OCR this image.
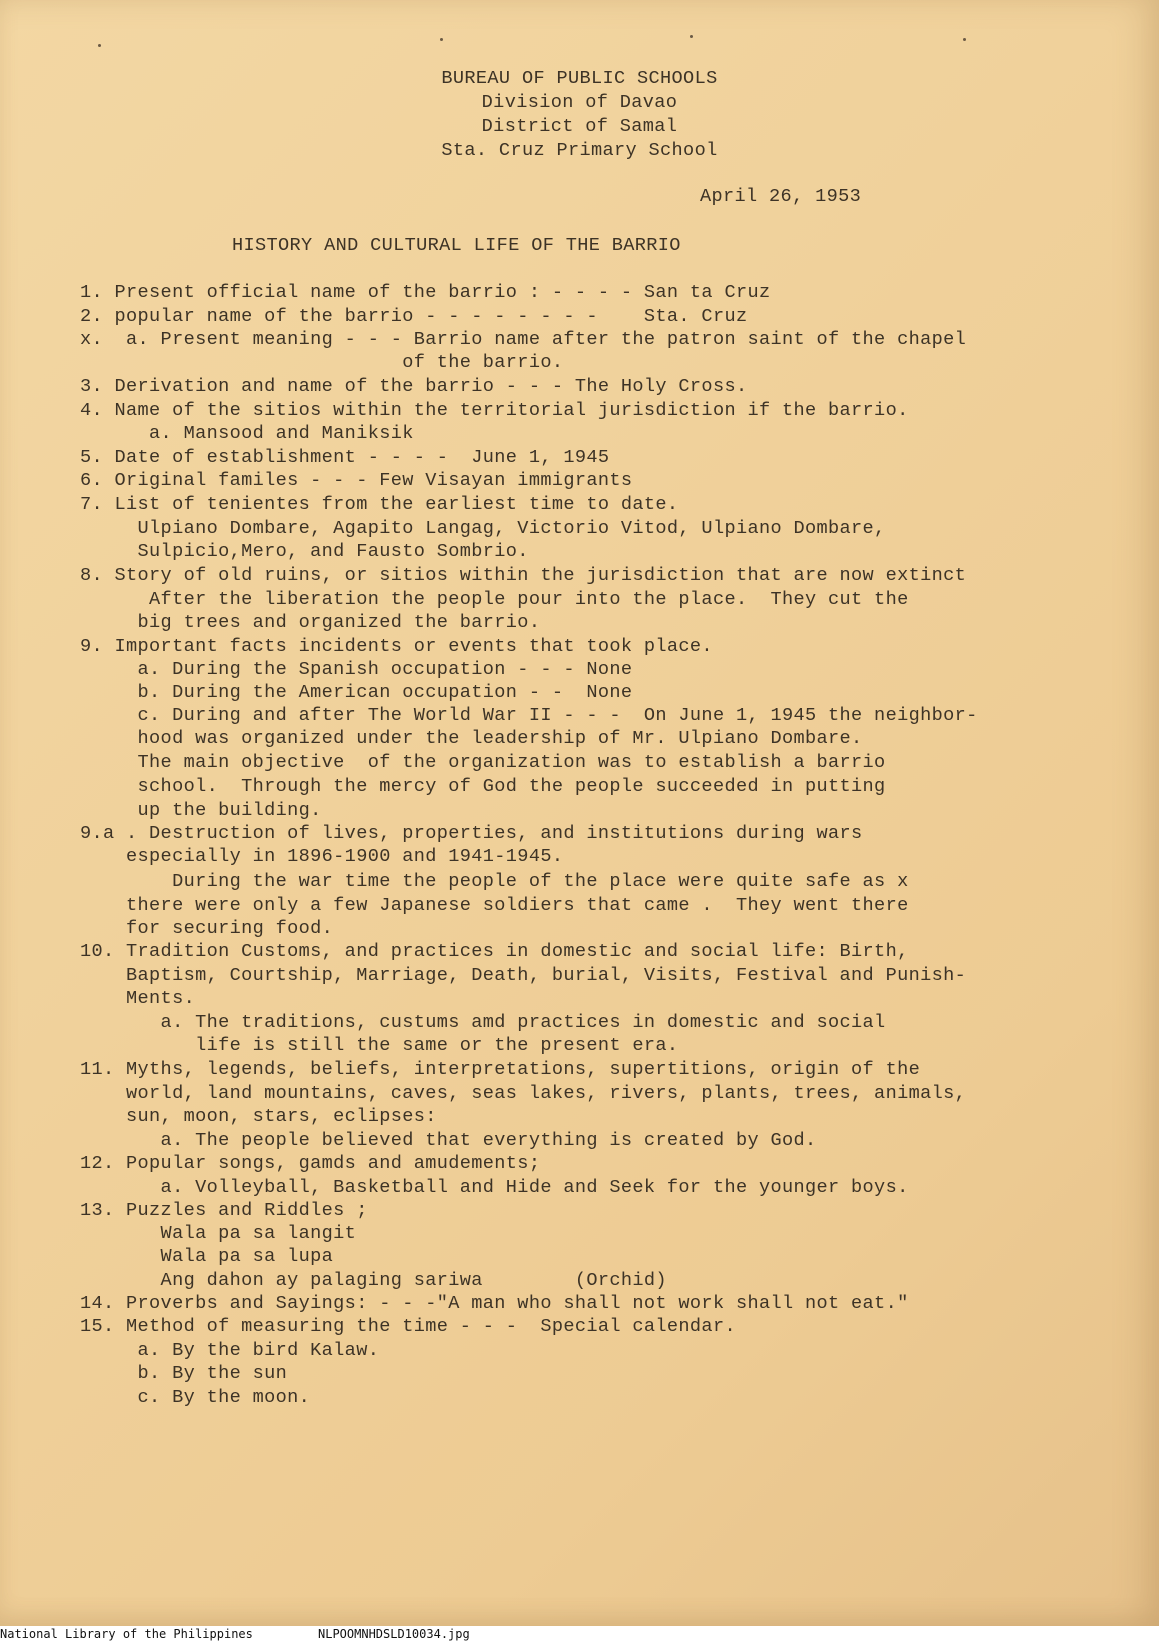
BUREAU OF PUBLIC SCHOOLS
Division of Davao
District of Samal
Sta. Cruz Primary School
April 26, 1953
HISTORY AND CULTURAL LIFE OF THE BARRIO
1. Present official name of the barrio : - - - - San ta Cruz
2. popular name of the barrio - - - - - - - -    Sta. Cruz
x.  a. Present meaning - - - Barrio name after the patron saint of the chapel
of the barrio.
3. Derivation and name of the barrio - - - The Holy Cross.
4. Name of the sitios within the territorial jurisdiction if the barrio.
a. Mansood and Maniksik
5. Date of establishment - - - -  June 1, 1945
6. Original familes - - - Few Visayan immigrants
7. List of tenientes from the earliest time to date.
Ulpiano Dombare, Agapito Langag, Victorio Vitod, Ulpiano Dombare,
Sulpicio,Mero, and Fausto Sombrio.
8. Story of old ruins, or sitios within the jurisdiction that are now extinct
After the liberation the people pour into the place.  They cut the
big trees and organized the barrio.
9. Important facts incidents or events that took place.
a. During the Spanish occupation - - - None
b. During the American occupation - -  None
c. During and after The World War II - - -  On June 1, 1945 the neighbor-
hood was organized under the leadership of Mr. Ulpiano Dombare.
The main objective  of the organization was to establish a barrio
school.  Through the mercy of God the people succeeded in putting
up the building.
9.a . Destruction of lives, properties, and institutions during wars
especially in 1896-1900 and 1941-1945.
During the war time the people of the place were quite safe as x
there were only a few Japanese soldiers that came .  They went there
for securing food.
10. Tradition Customs, and practices in domestic and social life: Birth,
Baptism, Courtship, Marriage, Death, burial, Visits, Festival and Punish-
Ments.
a. The traditions, custums amd practices in domestic and social
life is still the same or the present era.
11. Myths, legends, beliefs, interpretations, supertitions, origin of the
world, land mountains, caves, seas lakes, rivers, plants, trees, animals,
sun, moon, stars, eclipses:
a. The people believed that everything is created by God.
12. Popular songs, gamds and amudements;
a. Volleyball, Basketball and Hide and Seek for the younger boys.
13. Puzzles and Riddles ;
Wala pa sa langit
Wala pa sa lupa
Ang dahon ay palaging sariwa        (Orchid)
14. Proverbs and Sayings: - - -"A man who shall not work shall not eat."
15. Method of measuring the time - - -  Special calendar.
a. By the bird Kalaw.
b. By the sun
c. By the moon.
National Library of the Philippines	NLPOOMNHDSLD10034.jpg
